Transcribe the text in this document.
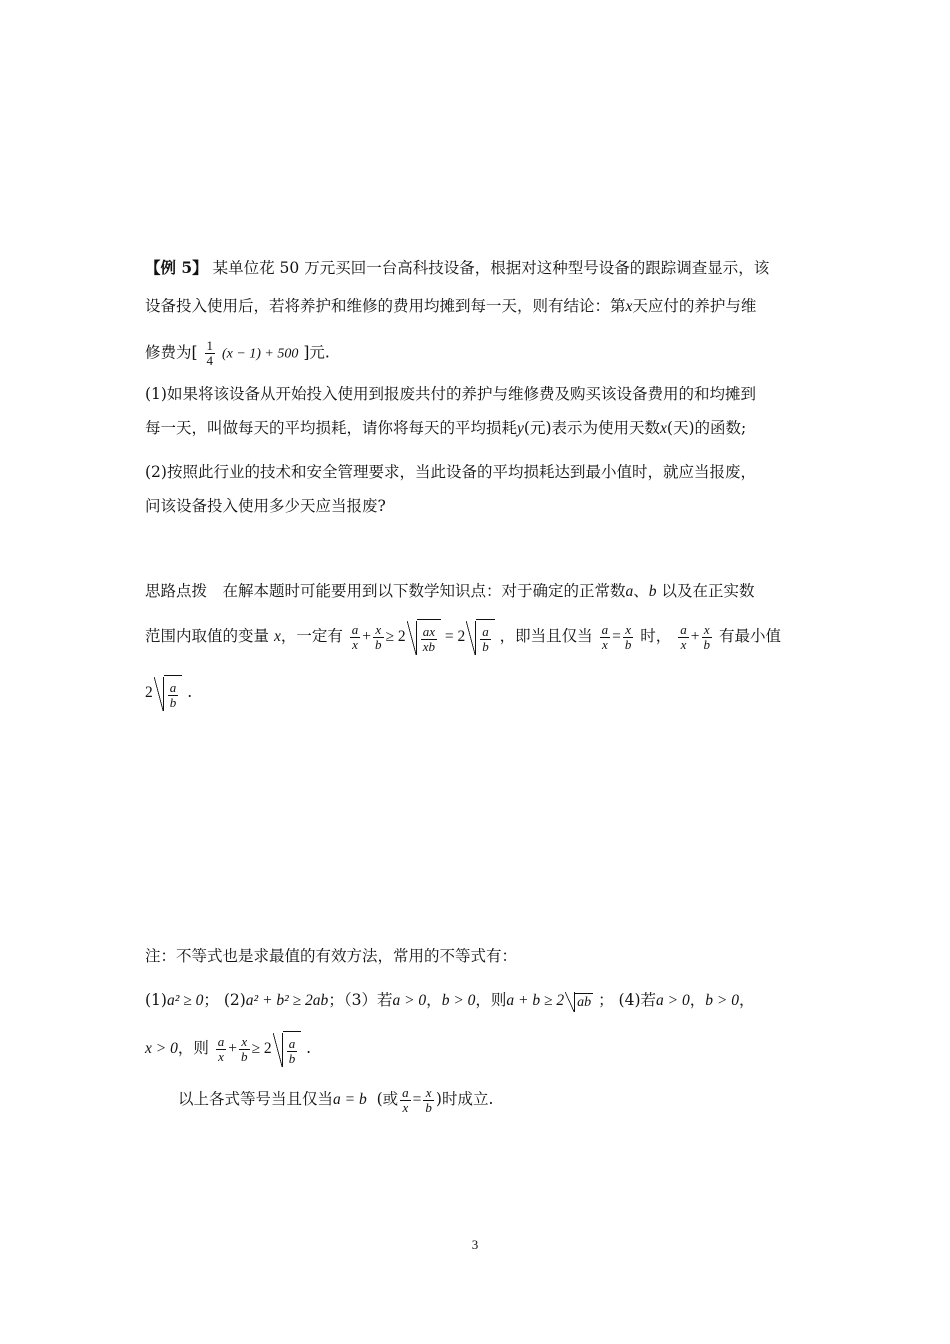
【例 5】 某单位花 50 万元买回一台高科技设备，根据对这种型号设备的跟踪调查显示，该
设备投入使用后，若将养护和维修的费用均摊到每一天，则有结论：第x天应付的养护与维
修费为[ $\frac{1}{4} (x - 1) + 500$ ]元.
(1)如果将该设备从开始投入使用到报废共付的养护与维修费及购买该设备费用的和均摊到
每一天，叫做每天的平均损耗，请你将每天的平均损耗y(元)表示为使用天数x(天)的函数;
(2)按照此行业的技术和安全管理要求，当此设备的平均损耗达到最小值时，就应当报废，
问该设备投入使用多少天应当报废?
思路点拨　在解本题时可能要用到以下数学知识点：对于确定的正常数a、b 以及在正实数
范围内取值的变量 x，一定有 $\frac{a}{x} + \frac{x}{b} \ge 2 \frac{ax}{xb} = 2 \frac{a}{b}$ ，即当且仅当 $\frac{a}{x} = \frac{x}{b}$ 时， $\frac{a}{x} + \frac{x}{b}$ 有最小值
$2 \frac{a}{b}$ .
注：不等式也是求最值的有效方法，常用的不等式有：
(1)a² ≥ 0； (2)a² + b² ≥ 2ab；（3）若a > 0，b > 0，则a + b ≥ 2 ab ； (4)若a > 0，b > 0，
x > 0，则 $\frac{a}{x} + \frac{x}{b} \ge 2 \frac{a}{b}$ .
以上各式等号当且仅当a = b (或 $\frac{a}{x} = \frac{x}{b}$ )时成立.
3
